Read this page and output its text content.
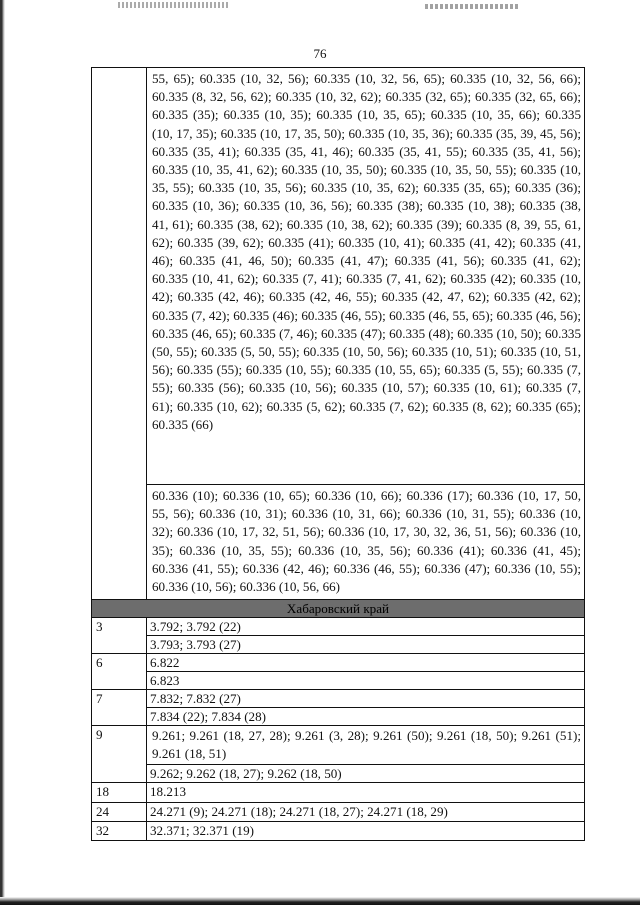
76
	55, 65); 60.335 (10, 32, 56); 60.335 (10, 32, 56, 65); 60.335 (10, 32, 56, 66); 60.335 (8, 32, 56, 62); 60.335 (10, 32, 62); 60.335 (32, 65); 60.335 (32, 65, 66); 60.335 (35); 60.335 (10, 35); 60.335 (10, 35, 65); 60.335 (10, 35, 66); 60.335 (10, 17, 35); 60.335 (10, 17, 35, 50); 60.335 (10, 35, 36); 60.335 (35, 39, 45, 56); 60.335 (35, 41); 60.335 (35, 41, 46); 60.335 (35, 41, 55); 60.335 (35, 41, 56); 60.335 (10, 35, 41, 62); 60.335 (10, 35, 50); 60.335 (10, 35, 50, 55); 60.335 (10, 35, 55); 60.335 (10, 35, 56); 60.335 (10, 35, 62); 60.335 (35, 65); 60.335 (36); 60.335 (10, 36); 60.335 (10, 36, 56); 60.335 (38); 60.335 (10, 38); 60.335 (38, 41, 61); 60.335 (38, 62); 60.335 (10, 38, 62); 60.335 (39); 60.335 (8, 39, 55, 61, 62); 60.335 (39, 62); 60.335 (41); 60.335 (10, 41); 60.335 (41, 42); 60.335 (41, 46); 60.335 (41, 46, 50); 60.335 (41, 47); 60.335 (41, 56); 60.335 (41, 62); 60.335 (10, 41, 62); 60.335 (7, 41); 60.335 (7, 41, 62); 60.335 (42); 60.335 (10, 42); 60.335 (42, 46); 60.335 (42, 46, 55); 60.335 (42, 47, 62); 60.335 (42, 62); 60.335 (7, 42); 60.335 (46); 60.335 (46, 55); 60.335 (46, 55, 65); 60.335 (46, 56); 60.335 (46, 65); 60.335 (7, 46); 60.335 (47); 60.335 (48); 60.335 (10, 50); 60.335 (50, 55); 60.335 (5, 50, 55); 60.335 (10, 50, 56); 60.335 (10, 51); 60.335 (10, 51, 56); 60.335 (55); 60.335 (10, 55); 60.335 (10, 55, 65); 60.335 (5, 55); 60.335 (7, 55); 60.335 (56); 60.335 (10, 56); 60.335 (10, 57); 60.335 (10, 61); 60.335 (7, 61); 60.335 (10, 62); 60.335 (5, 62); 60.335 (7, 62); 60.335 (8, 62); 60.335 (65); 60.335 (66)
	60.336 (10); 60.336 (10, 65); 60.336 (10, 66); 60.336 (17); 60.336 (10, 17, 50, 55, 56); 60.336 (10, 31); 60.336 (10, 31, 66); 60.336 (10, 31, 55); 60.336 (10, 32); 60.336 (10, 17, 32, 51, 56); 60.336 (10, 17, 30, 32, 36, 51, 56); 60.336 (10, 35); 60.336 (10, 35, 55); 60.336 (10, 35, 56); 60.336 (41); 60.336 (41, 45); 60.336 (41, 55); 60.336 (42, 46); 60.336 (46, 55); 60.336 (47); 60.336 (10, 55); 60.336 (10, 56); 60.336 (10, 56, 66)
Хабаровский край	
3	3.792; 3.792 (22)
	3.793; 3.793 (27)
6	6.822
	6.823
7	7.832; 7.832 (27)
	7.834 (22); 7.834 (28)
9	9.261; 9.261 (18, 27, 28); 9.261 (3, 28); 9.261 (50); 9.261 (18, 50); 9.261 (51); 9.261 (18, 51)
	9.262; 9.262 (18, 27); 9.262 (18, 50)
18	18.213
24	24.271 (9); 24.271 (18); 24.271 (18, 27); 24.271 (18, 29)
32	32.371; 32.371 (19)
